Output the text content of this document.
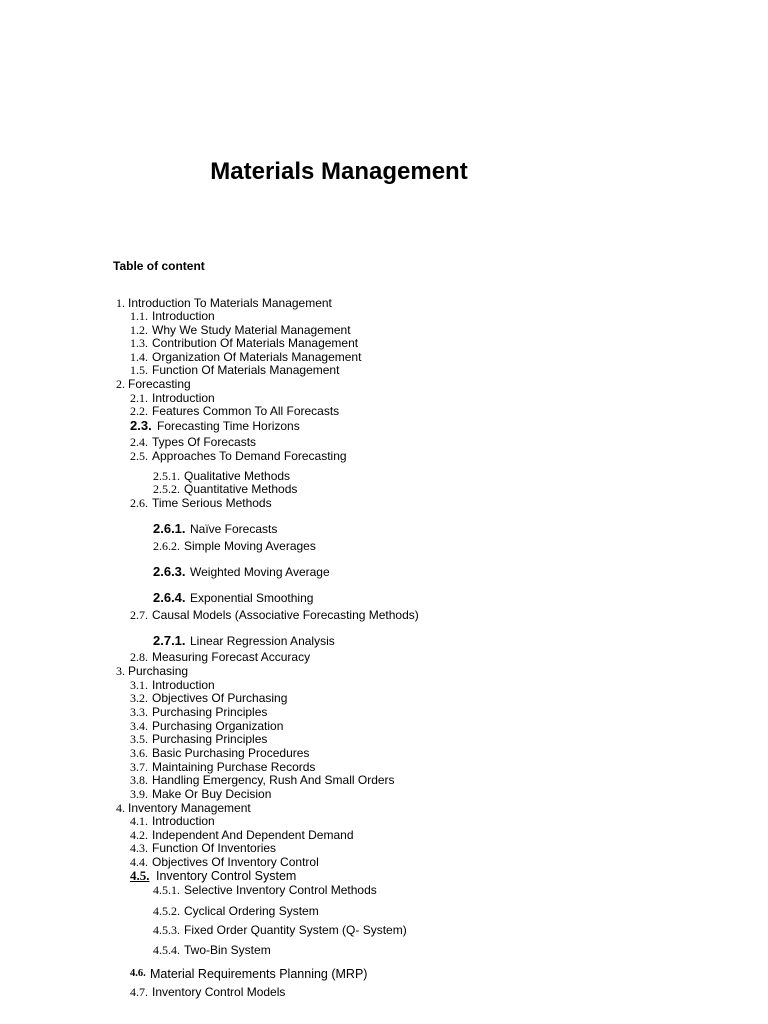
Materials Management
Table of content
1. Introduction To Materials Management
1.1. Introduction
1.2. Why We Study Material Management
1.3. Contribution Of Materials Management
1.4. Organization Of Materials Management
1.5. Function Of Materials Management
2. Forecasting
2.1. Introduction
2.2. Features Common To All Forecasts
2.3. Forecasting Time Horizons
2.4. Types Of Forecasts
2.5. Approaches To Demand Forecasting
2.5.1. Qualitative Methods
2.5.2. Quantitative Methods
2.6. Time Serious Methods
2.6.1. Naïve Forecasts
2.6.2. Simple Moving Averages
2.6.3. Weighted Moving Average
2.6.4. Exponential Smoothing
2.7. Causal Models (Associative Forecasting Methods)
2.7.1. Linear Regression Analysis
2.8. Measuring Forecast Accuracy
3. Purchasing
3.1. Introduction
3.2. Objectives Of Purchasing
3.3. Purchasing Principles
3.4. Purchasing Organization
3.5. Purchasing Principles
3.6. Basic Purchasing Procedures
3.7. Maintaining Purchase Records
3.8. Handling Emergency, Rush And Small Orders
3.9. Make Or Buy Decision
4. Inventory Management
4.1. Introduction
4.2. Independent And Dependent Demand
4.3. Function Of Inventories
4.4. Objectives Of Inventory Control
4.5. Inventory Control System
4.5.1. Selective Inventory Control Methods
4.5.2. Cyclical Ordering System
4.5.3. Fixed Order Quantity System (Q- System)
4.5.4. Two-Bin System
4.6. Material Requirements Planning (MRP)
4.7. Inventory Control Models
